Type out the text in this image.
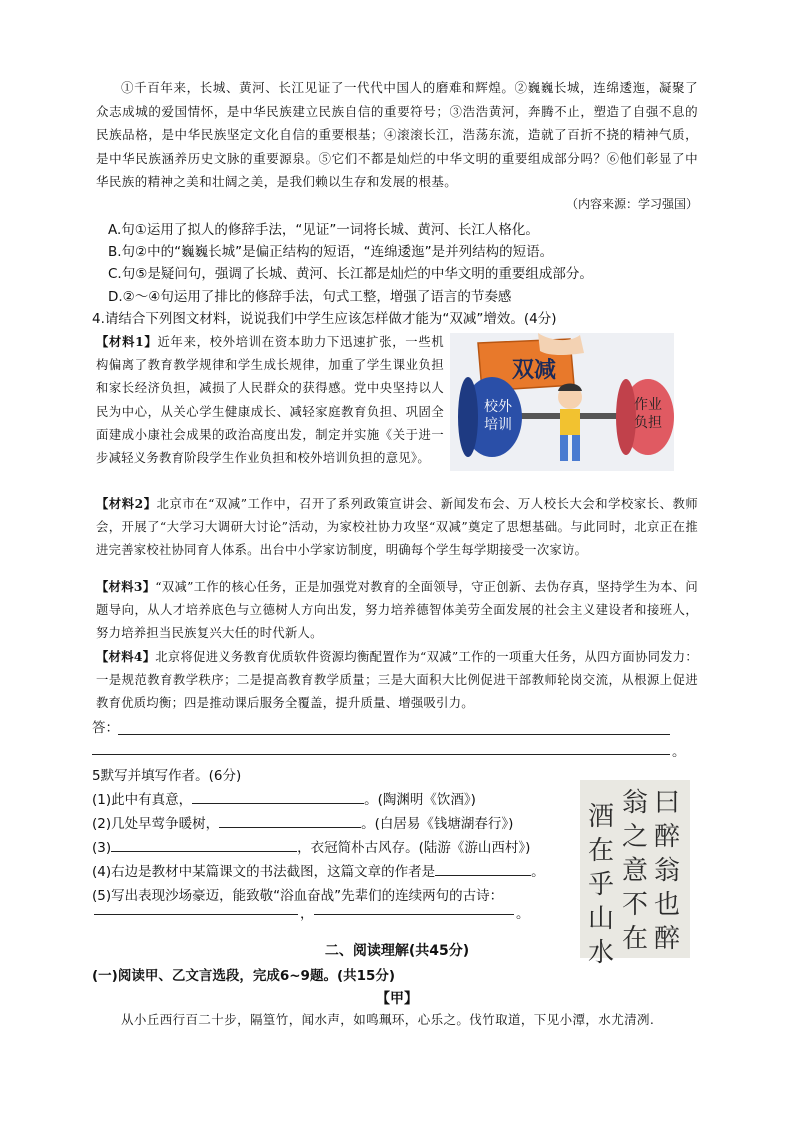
①千百年来，长城、黄河、长江见证了一代代中国人的磨难和辉煌。②巍巍长城，连绵逶迤，凝聚了众志成城的爱国情怀，是中华民族建立民族自信的重要符号；③浩浩黄河，奔腾不止，塑造了自强不息的民族品格，是中华民族坚定文化自信的重要根基；④滚滚长江，浩荡东流，造就了百折不挠的精神气质，是中华民族涵养历史文脉的重要源泉。⑤它们不都是灿烂的中华文明的重要组成部分吗？⑥他们彰显了中华民族的精神之美和壮阔之美，是我们赖以生存和发展的根基。
（内容来源：学习强国）
A.句①运用了拟人的修辞手法，“见证”一词将长城、黄河、长江人格化。
B.句②中的“巍巍长城”是偏正结构的短语，“连绵逶迤”是并列结构的短语。
C.句⑤是疑问句，强调了长城、黄河、长江都是灿烂的中华文明的重要组成部分。
D.②～④句运用了排比的修辞手法，句式工整，增强了语言的节奏感
4.请结合下列图文材料，说说我们中学生应该怎样做才能为“双减”增效。(4分)
【材料1】近年来，校外培训在资本助力下迅速扩张，一些机构偏离了教育教学规律和学生成长规律，加重了学生课业负担和家长经济负担，减损了人民群众的获得感。党中央坚持以人民为中心，从关心学生健康成长、减轻家庭教育负担、巩固全面建成小康社会成果的政治高度出发，制定并实施《关于进一步减轻义务教育阶段学生作业负担和校外培训负担的意见》。
双减
校外培训
作业负担
【材料2】北京市在“双减”工作中，召开了系列政策宣讲会、新闻发布会、万人校长大会和学校家长、教师会，开展了“大学习大调研大讨论”活动，为家校社协力攻坚“双减”奠定了思想基础。与此同时，北京正在推进完善家校社协同育人体系。出台中小学家访制度，明确每个学生每学期接受一次家访。
【材料3】“双减”工作的核心任务，正是加强党对教育的全面领导，守正创新、去伪存真，坚持学生为本、问题导向，从人才培养底色与立德树人方向出发，努力培养德智体美劳全面发展的社会主义建设者和接班人，努力培养担当民族复兴大任的时代新人。
【材料4】北京将促进义务教育优质软件资源均衡配置作为“双减”工作的一项重大任务，从四方面协同发力：一是规范教育教学秩序；二是提高教育教学质量；三是大面积大比例促进干部教师轮岗交流，从根源上促进教育优质均衡；四是推动课后服务全覆盖，提升质量、增强吸引力。
答：
。
5默写并填写作者。(6分)
(1)此中有真意，	。(陶渊明《饮酒》)
(2)几处早莺争暖树，	。(白居易《钱塘湖春行》)
(3)	，衣冠简朴古风存。(陆游《游山西村》)
(4)右边是教材中某篇课文的书法截图，这篇文章的作者是	。
(5)写出表现沙场豪迈，能致敬“浴血奋战”先辈们的连续两句的古诗：
，	。
曰
醉
翁
也
醉
翁
之
意
不
在
酒
在
乎
山
水
二、阅读理解(共45分)
(一)阅读甲、乙文言选段，完成6~9题。(共15分)
【甲】
从小丘西行百二十步，隔篁竹，闻水声，如鸣珮环，心乐之。伐竹取道，下见小潭，水尤清冽.
